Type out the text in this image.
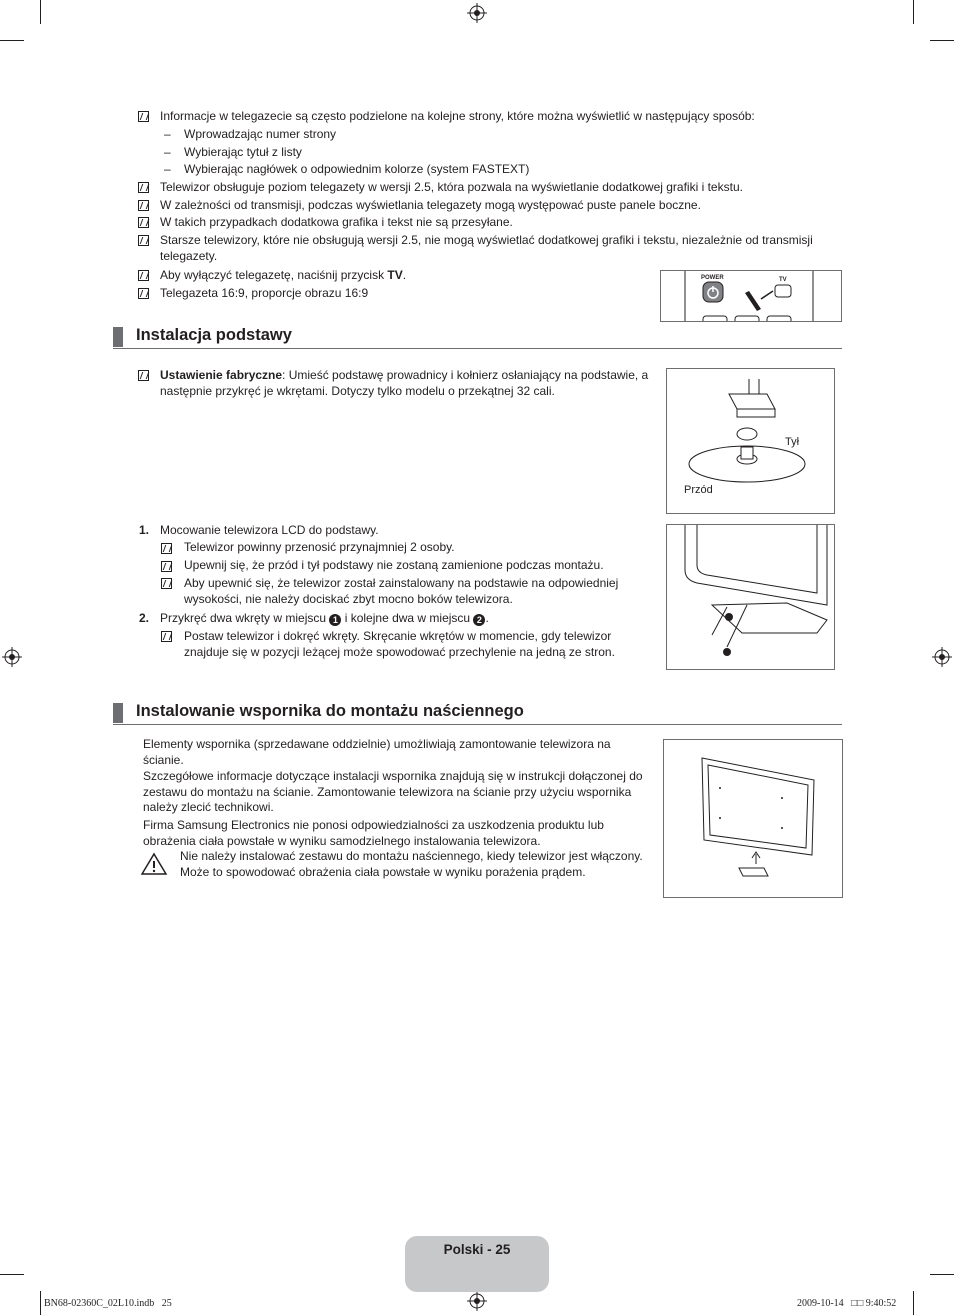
Informacje w telegazecie są często podzielone na kolejne strony, które można wyświetlić w następujący sposób:
– Wprowadzając numer strony
– Wybierając tytuł z listy
– Wybierając nagłówek o odpowiednim kolorze (system FASTEXT)
Telewizor obsługuje poziom telegazety w wersji 2.5, która pozwala na wyświetlanie dodatkowej grafiki i tekstu.
W zależności od transmisji, podczas wyświetlania telegazety mogą występować puste panele boczne.
W takich przypadkach dodatkowa grafika i tekst nie są przesyłane.
Starsze telewizory, które nie obsługują wersji 2.5, nie mogą wyświetlać dodatkowej grafiki i tekstu, niezależnie od transmisji telegazety.
Aby wyłączyć telegazetę, naciśnij przycisk TV.
Telegazeta 16:9, proporcje obrazu 16:9
POWER	TV
Instalacja podstawy
Ustawienie fabryczne: Umieść podstawę prowadnicy i kołnierz osłaniający na podstawie, a następnie przykręć je wkrętami. Dotyczy tylko modelu o przekątnej 32 cali.
Tył
Przód
1. Mocowanie telewizora LCD do podstawy.
Telewizor powinny przenosić przynajmniej 2 osoby.
Upewnij się, że przód i tył podstawy nie zostaną zamienione podczas montażu.
Aby upewnić się, że telewizor został zainstalowany na podstawie na odpowiedniej wysokości, nie należy dociskać zbyt mocno boków telewizora.
2. Przykręć dwa wkręty w miejscu 1 i kolejne dwa w miejscu 2 .
Postaw telewizor i dokręć wkręty. Skręcanie wkrętów w momencie, gdy telewizor znajduje się w pozycji leżącej może spowodować przechylenie na jedną ze stron.
Instalowanie wspornika do montażu naściennego
Elementy wspornika (sprzedawane oddzielnie) umożliwiają zamontowanie telewizora na ścianie.
Szczegółowe informacje dotyczące instalacji wspornika znajdują się w instrukcji dołączonej do zestawu do montażu na ścianie. Zamontowanie telewizora na ścianie przy użyciu wspornika należy zlecić technikowi.
Firma Samsung Electronics nie ponosi odpowiedzialności za uszkodzenia produktu lub obrażenia ciała powstałe w wyniku samodzielnego instalowania telewizora.
Nie należy instalować zestawu do montażu naściennego, kiedy telewizor jest włączony. Może to spowodować obrażenia ciała powstałe w wyniku porażenia prądem.
Polski - 25
BN68-02360C_02L10.indb   25	2009-10-14   □□ 9:40:52
